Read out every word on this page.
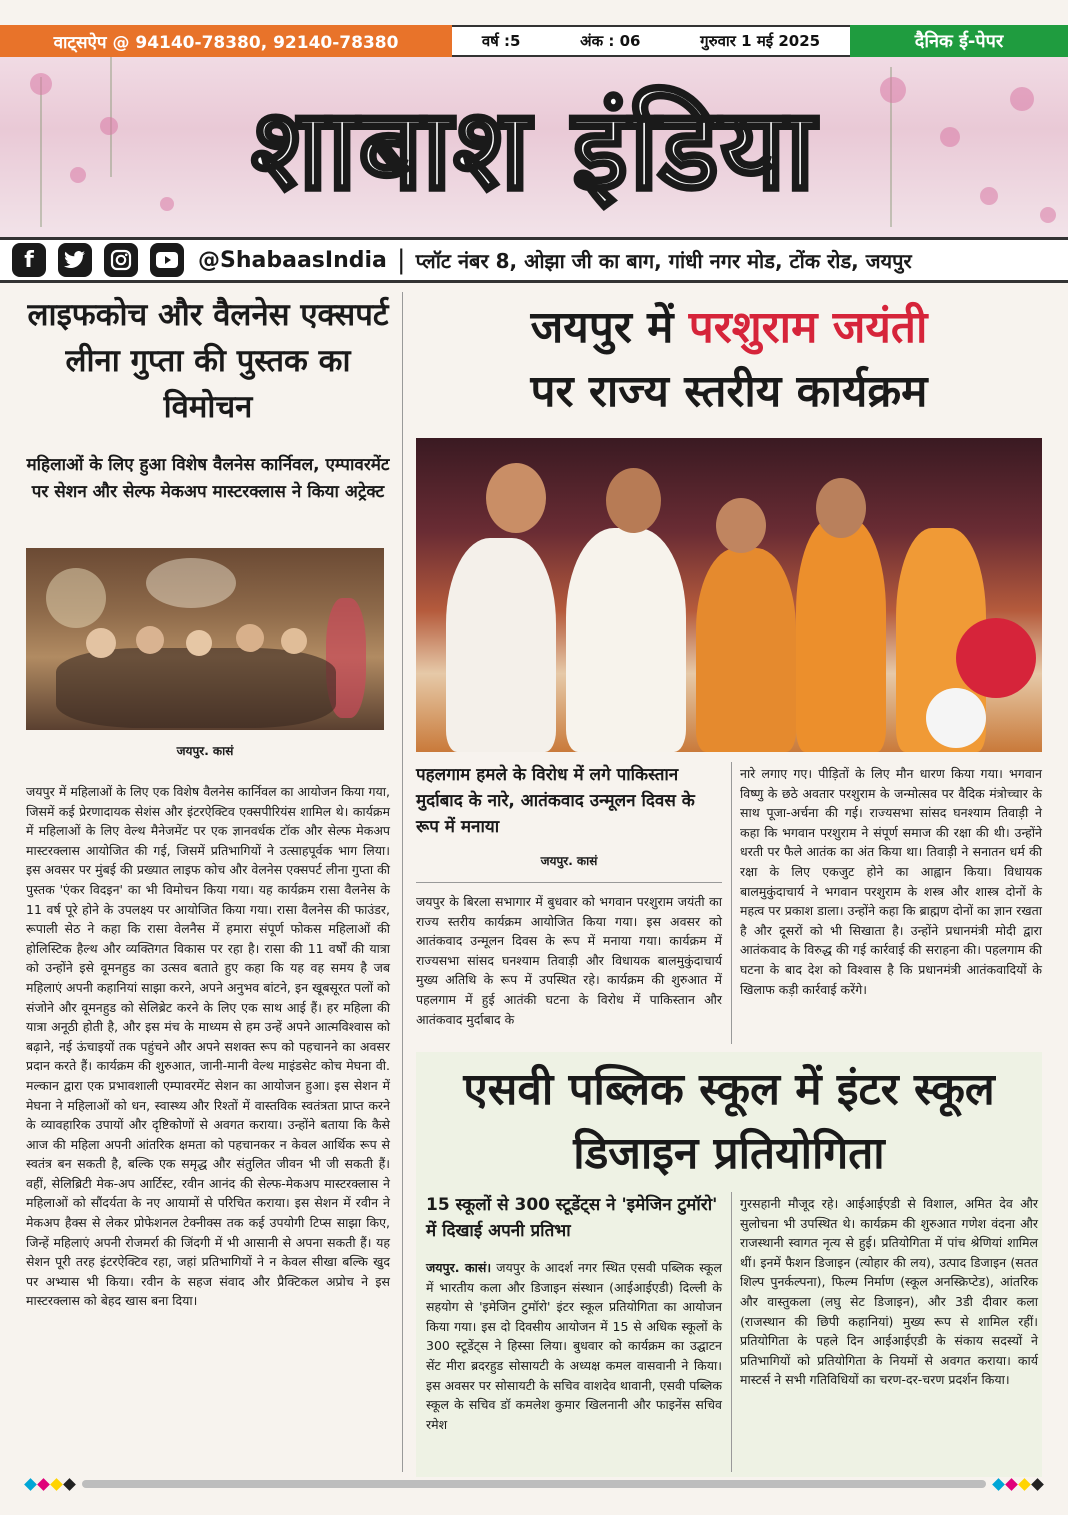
वाट्सऐप @ 94140-78380, 92140-78380	वर्ष :5	अंक : 06	गुरुवार 1 मई 2025	दैनिक ई-पेपर
शाबाश इंडिया
f	@ShabaasIndia | प्लॉट नंबर 8, ओझा जी का बाग, गांधी नगर मोड, टोंक रोड, जयपुर
लाइफकोच और वैलनेस एक्सपर्ट लीना गुप्ता की पुस्तक का विमोचन
महिलाओं के लिए हुआ विशेष वैलनेस कार्निवल, एम्पावरमेंट पर सेशन और सेल्फ मेकअप मास्टरक्लास ने किया अट्रेक्ट
जयपुर. कासं
जयपुर में महिलाओं के लिए एक विशेष वैलनेस कार्निवल का आयोजन किया गया, जिसमें कई प्रेरणादायक सेशंस और इंटरऐक्टिव एक्सपीरियंस शामिल थे। कार्यक्रम में महिलाओं के लिए वेल्थ मैनेजमेंट पर एक ज्ञानवर्धक टॉक और सेल्फ मेकअप मास्टरक्लास आयोजित की गई, जिसमें प्रतिभागियों ने उत्साहपूर्वक भाग लिया। इस अवसर पर मुंबई की प्रख्यात लाइफ कोच और वेलनेस एक्सपर्ट लीना गुप्ता की पुस्तक 'एंकर विदइन' का भी विमोचन किया गया। यह कार्यक्रम रासा वैलनेस के 11 वर्ष पूरे होने के उपलक्ष्य पर आयोजित किया गया। रासा वैलनेस की फाउंडर, रूपाली सेठ ने कहा कि रासा वेलनैस में हमारा संपूर्ण फोकस महिलाओं की होलिस्टिक हैल्थ और व्यक्तिगत विकास पर रहा है। रासा की 11 वर्षों की यात्रा को उन्होंने इसे वूमनहुड का उत्सव बताते हुए कहा कि यह वह समय है जब महिलाएं अपनी कहानियां साझा करने, अपने अनुभव बांटने, इन खूबसूरत पलों को संजोने और वूमनहुड को सेलिब्रेट करने के लिए एक साथ आई हैं। हर महिला की यात्रा अनूठी होती है, और इस मंच के माध्यम से हम उन्हें अपने आत्मविश्वास को बढ़ाने, नई ऊंचाइयों तक पहुंचने और अपने सशक्त रूप को पहचानने का अवसर प्रदान करते हैं। कार्यक्रम की शुरुआत, जानी-मानी वेल्थ माइंडसेट कोच मेघना वी. मल्कान द्वारा एक प्रभावशाली एम्पावरमेंट सेशन का आयोजन हुआ। इस सेशन में मेघना ने महिलाओं को धन, स्वास्थ्य और रिश्तों में वास्तविक स्वतंत्रता प्राप्त करने के व्यावहारिक उपायों और दृष्टिकोणों से अवगत कराया। उन्होंने बताया कि कैसे आज की महिला अपनी आंतरिक क्षमता को पहचानकर न केवल आर्थिक रूप से स्वतंत्र बन सकती है, बल्कि एक समृद्ध और संतुलित जीवन भी जी सकती हैं। वहीं, सेलिब्रिटी मेक-अप आर्टिस्ट, रवीन आनंद की सेल्फ-मेकअप मास्टरक्लास ने महिलाओं को सौंदर्यता के नए आयामों से परिचित कराया। इस सेशन में रवीन ने मेकअप हैक्स से लेकर प्रोफेशनल टेक्नीक्स तक कई उपयोगी टिप्स साझा किए, जिन्हें महिलाएं अपनी रोजमर्रा की जिंदगी में भी आसानी से अपना सकती हैं। यह सेशन पूरी तरह इंटरऐक्टिव रहा, जहां प्रतिभागियों ने न केवल सीखा बल्कि खुद पर अभ्यास भी किया। रवीन के सहज संवाद और प्रैक्टिकल अप्रोच ने इस मास्टरक्लास को बेहद खास बना दिया।
जयपुर में परशुराम जयंती
पर राज्य स्तरीय कार्यक्रम
पहलगाम हमले के विरोध में लगे पाकिस्तान मुर्दाबाद के नारे, आतंकवाद उन्मूलन दिवस के रूप में मनाया
जयपुर. कासं
जयपुर के बिरला सभागार में बुधवार को भगवान परशुराम जयंती का राज्य स्तरीय कार्यक्रम आयोजित किया गया। इस अवसर को आतंकवाद उन्मूलन दिवस के रूप में मनाया गया। कार्यक्रम में राज्यसभा सांसद घनश्याम तिवाड़ी और विधायक बालमुकुंदाचार्य मुख्य अतिथि के रूप में उपस्थित रहे। कार्यक्रम की शुरुआत में पहलगाम में हुई आतंकी घटना के विरोध में पाकिस्तान और आतंकवाद मुर्दाबाद के
नारे लगाए गए। पीड़ितों के लिए मौन धारण किया गया। भगवान विष्णु के छठे अवतार परशुराम के जन्मोत्सव पर वैदिक मंत्रोच्चार के साथ पूजा-अर्चना की गई। राज्यसभा सांसद घनश्याम तिवाड़ी ने कहा कि भगवान परशुराम ने संपूर्ण समाज की रक्षा की थी। उन्होंने धरती पर फैले आतंक का अंत किया था। तिवाड़ी ने सनातन धर्म की रक्षा के लिए एकजुट होने का आह्वान किया। विधायक बालमुकुंदाचार्य ने भगवान परशुराम के शस्त्र और शास्त्र दोनों के महत्व पर प्रकाश डाला। उन्होंने कहा कि ब्राह्मण दोनों का ज्ञान रखता है और दूसरों को भी सिखाता है। उन्होंने प्रधानमंत्री मोदी द्वारा आतंकवाद के विरुद्ध की गई कार्रवाई की सराहना की। पहलगाम की घटना के बाद देश को विश्वास है कि प्रधानमंत्री आतंकवादियों के खिलाफ कड़ी कार्रवाई करेंगे।
एसवी पब्लिक स्कूल में इंटर स्कूल डिजाइन प्रतियोगिता
15 स्कूलों से 300 स्टूडेंट्स ने 'इमेजिन टुमॉरो' में दिखाई अपनी प्रतिभा
जयपुर. कासं। जयपुर के आदर्श नगर स्थित एसवी पब्लिक स्कूल में भारतीय कला और डिजाइन संस्थान (आईआईएडी) दिल्ली के सहयोग से 'इमेजिन टुमॉरो' इंटर स्कूल प्रतियोगिता का आयोजन किया गया। इस दो दिवसीय आयोजन में 15 से अधिक स्कूलों के 300 स्टूडेंट्स ने हिस्सा लिया। बुधवार को कार्यक्रम का उद्घाटन सेंट मीरा ब्रदरहुड सोसायटी के अध्यक्ष कमल वासवानी ने किया। इस अवसर पर सोसायटी के सचिव वाशदेव थावानी, एसवी पब्लिक स्कूल के सचिव डॉ कमलेश कुमार खिलनानी और फाइनेंस सचिव रमेश
गुरसहानी मौजूद रहे। आईआईएडी से विशाल, अमित देव और सुलोचना भी उपस्थित थे। कार्यक्रम की शुरुआत गणेश वंदना और राजस्थानी स्वागत नृत्य से हुई। प्रतियोगिता में पांच श्रेणियां शामिल थीं। इनमें फैशन डिजाइन (त्योहार की लय), उत्पाद डिजाइन (सतत शिल्प पुनर्कल्पना), फिल्म निर्माण (स्कूल अनस्क्रिप्टेड), आंतरिक और वास्तुकला (लघु सेट डिजाइन), और 3डी दीवार कला (राजस्थान की छिपी कहानियां) मुख्य रूप से शामिल रहीं। प्रतियोगिता के पहले दिन आईआईएडी के संकाय सदस्यों ने प्रतिभागियों को प्रतियोगिता के नियमों से अवगत कराया। कार्य मास्टर्स ने सभी गतिविधियों का चरण-दर-चरण प्रदर्शन किया।
